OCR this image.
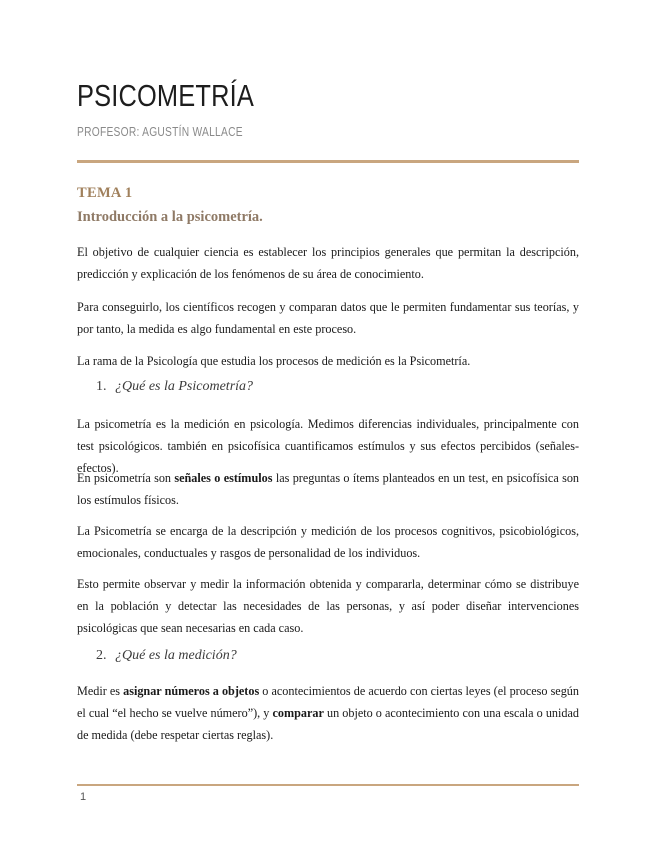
PSICOMETRÍA
PROFESOR: AGUSTÍN WALLACE
TEMA 1
Introducción a la psicometría.

El objetivo de cualquier ciencia es establecer los principios generales que permitan la descripción, predicción y explicación de los fenómenos de su área de conocimiento.

Para conseguirlo, los científicos recogen y comparan datos que le permiten fundamentar sus teorías, y por tanto, la medida es algo fundamental en este proceso.

La rama de la Psicología que estudia los procesos de medición es la Psicometría.

1. ¿Qué es la Psicometría?

La psicometría es la medición en psicología. Medimos diferencias individuales, principalmente con test psicológicos. también en psicofísica cuantificamos estímulos y sus efectos percibidos (señales-efectos).

En psicometría son señales o estímulos las preguntas o ítems planteados en un test, en psicofísica son los estímulos físicos.

La Psicometría se encarga de la descripción y medición de los procesos cognitivos, psicobiológicos, emocionales, conductuales y rasgos de personalidad de los individuos.

Esto permite observar y medir la información obtenida y compararla, determinar cómo se distribuye en la población y detectar las necesidades de las personas, y así poder diseñar intervenciones psicológicas que sean necesarias en cada caso.

2. ¿Qué es la medición?

Medir es asignar números a objetos o acontecimientos de acuerdo con ciertas leyes (el proceso según el cual “el hecho se vuelve número”), y comparar un objeto o acontecimiento con una escala o unidad de medida (debe respetar ciertas reglas).

1
